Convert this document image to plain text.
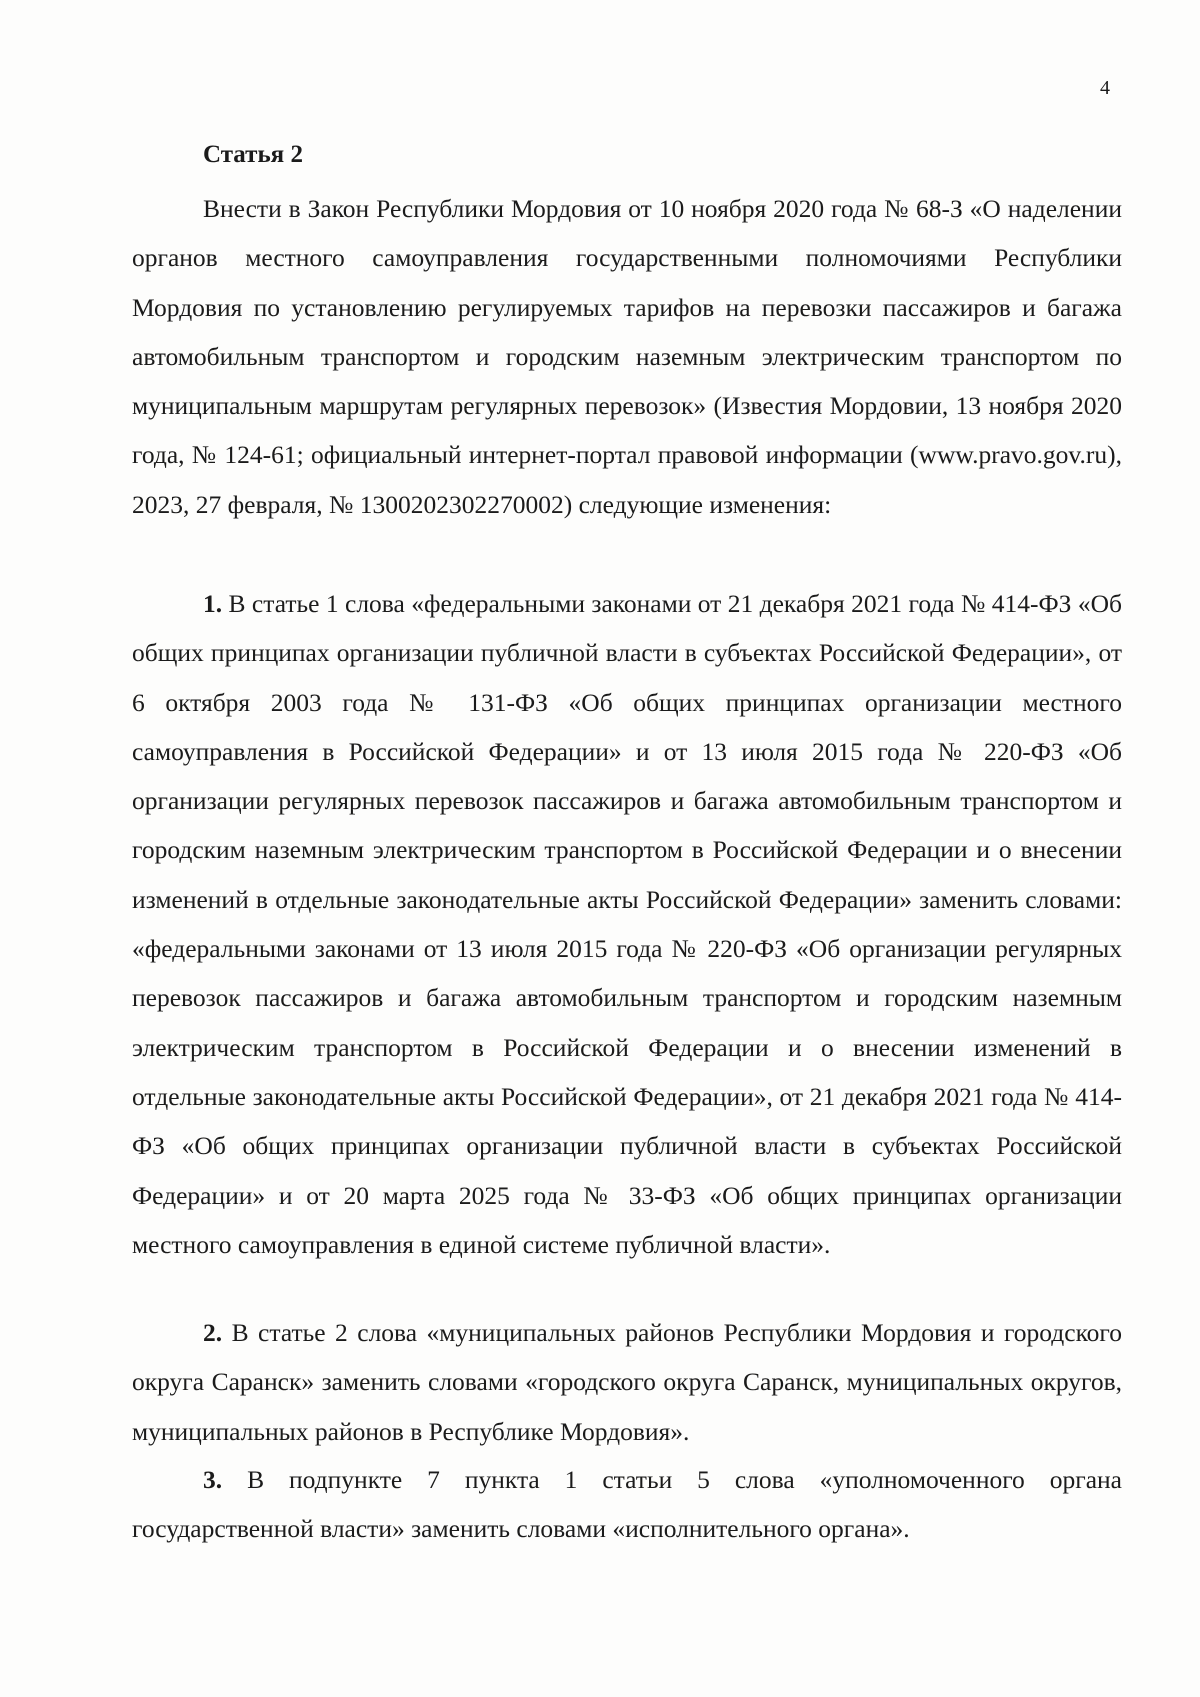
4
Статья 2

Внести в Закон Республики Мордовия от 10 ноября 2020 года № 68-З «О наделении органов местного самоуправления государственными полномочиями Республики Мордовия по установлению регулируемых тарифов на перевозки пассажиров и багажа автомобильным транспортом и городским наземным электрическим транспортом по муниципальным маршрутам регулярных перевозок» (Известия Мордовии, 13 ноября 2020 года, № 124-61; официальный интернет-портал правовой информации (www.pravo.gov.ru), 2023, 27 февраля, № 1300202302270002) следующие изменения:

1. В статье 1 слова «федеральными законами от 21 декабря 2021 года № 414-ФЗ «Об общих принципах организации публичной власти в субъектах Российской Федерации», от 6 октября 2003 года № 131-ФЗ «Об общих принципах организации местного самоуправления в Российской Федерации» и от 13 июля 2015 года № 220-ФЗ «Об организации регулярных перевозок пассажиров и багажа автомобильным транспортом и городским наземным электрическим транспортом в Российской Федерации и о внесении изменений в отдельные законодательные акты Российской Федерации» заменить словами: «федеральными законами от 13 июля 2015 года № 220-ФЗ «Об организации регулярных перевозок пассажиров и багажа автомобильным транспортом и городским наземным электрическим транспортом в Российской Федерации и о внесении изменений в отдельные законодательные акты Российской Федерации», от 21 декабря 2021 года № 414-ФЗ «Об общих принципах организации публичной власти в субъектах Российской Федерации» и от 20 марта 2025 года № 33-ФЗ «Об общих принципах организации местного самоуправления в единой системе публичной власти».

2. В статье 2 слова «муниципальных районов Республики Мордовия и городского округа Саранск» заменить словами «городского округа Саранск, муниципальных округов, муниципальных районов в Республике Мордовия».

3. В подпункте 7 пункта 1 статьи 5 слова «уполномоченного органа государственной власти» заменить словами «исполнительного органа».
